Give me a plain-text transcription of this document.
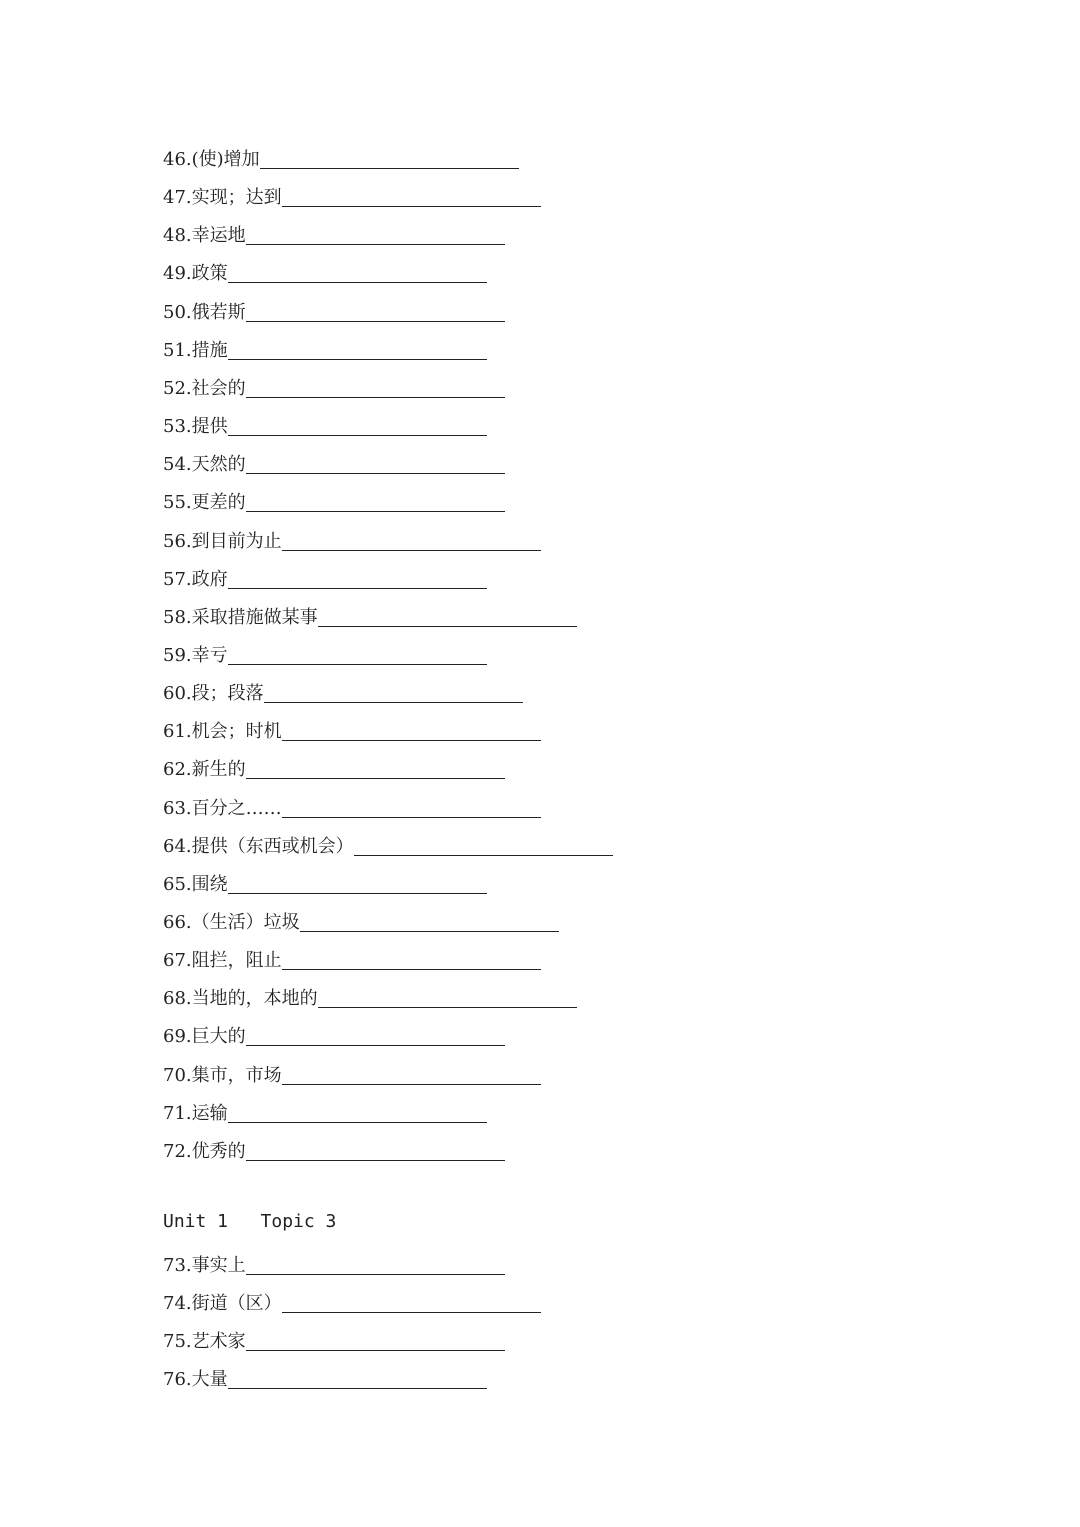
46. (使)增加
47. 实现；达到
48. 幸运地
49. 政策
50. 俄若斯
51. 措施
52. 社会的
53. 提供
54. 天然的
55. 更差的
56. 到目前为止
57. 政府
58. 采取措施做某事
59. 幸亏
60. 段；段落
61. 机会；时机
62. 新生的
63. 百分之……
64. 提供（东西或机会）
65. 围绕
66. （生活）垃圾
67. 阻拦，阻止
68. 当地的，本地的
69. 巨大的
70. 集市，市场
71. 运输
72. 优秀的
Unit 1   Topic 3
73. 事实上
74. 街道（区）
75. 艺术家
76. 大量
